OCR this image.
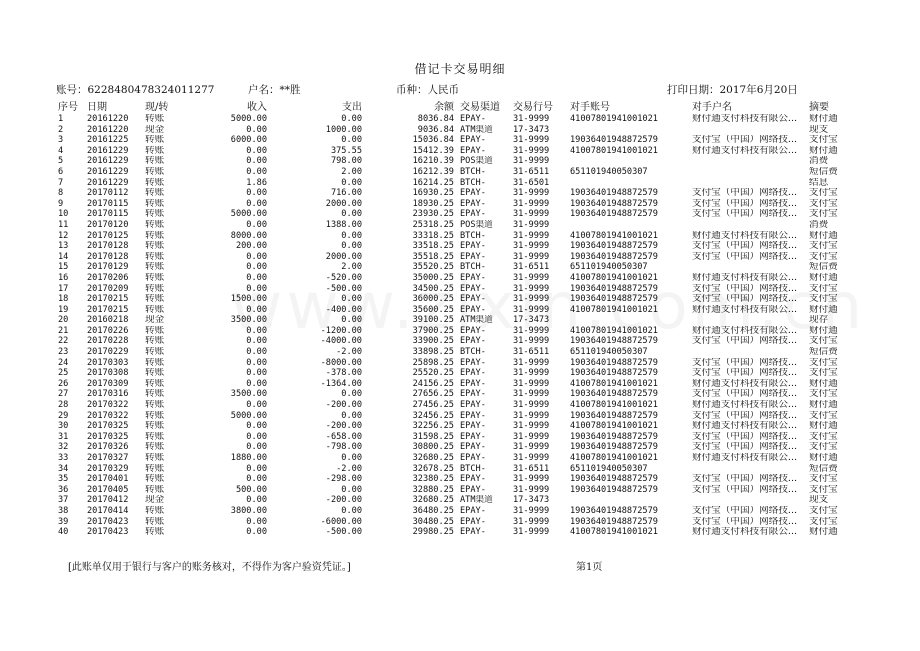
借记卡交易明细
账号：6228480478324011277	户名：**胜	币种：人民币	打印日期：2017年6月20日
序号	日期	现/转	收入	支出	余额	交易渠道	交易行号	对手账号	对手户名	摘要
1	20161220	转账	5000.00	0.00	8036.84	EPAY-	31-9999	41007801941001021	财付通支付科技有限公...	财付通
2	20161220	现金	0.00	1000.00	9036.84	ATM渠道	17-3473			现支
3	20161225	转账	6000.00	0.00	15036.84	EPAY-	31-9999	19036401948872579	支付宝（中国）网络技...	支付宝
4	20161229	转账	0.00	375.55	15412.39	EPAY-	31-9999	41007801941001021	财付通支付科技有限公...	财付通
5	20161229	转账	0.00	798.00	16210.39	POS渠道	31-9999			消费
6	20161229	转账	0.00	2.00	16212.39	BTCH-	31-6511	651101940050307		短信费
7	20161229	转账	1.86	0.00	16214.25	BTCH-	31-6501			结息
8	20170112	转账	0.00	716.00	16930.25	EPAY-	31-9999	19036401948872579	支付宝（中国）网络技...	支付宝
9	20170115	转账	0.00	2000.00	18930.25	EPAY-	31-9999	19036401948872579	支付宝（中国）网络技...	支付宝
10	20170115	转账	5000.00	0.00	23930.25	EPAY-	31-9999	19036401948872579	支付宝（中国）网络技...	支付宝
11	20170120	转账	0.00	1388.00	25318.25	POS渠道	31-9999			消费
12	20170125	转账	8000.00	0.00	33318.25	BTCH-	31-9999	41007801941001021	财付通支付科技有限公...	财付通
13	20170128	转账	200.00	0.00	33518.25	EPAY-	31-9999	19036401948872579	支付宝（中国）网络技...	支付宝
14	20170128	转账	0.00	2000.00	35518.25	EPAY-	31-9999	19036401948872579	支付宝（中国）网络技...	支付宝
15	20170129	转账	0.00	2.00	35520.25	BTCH-	31-6511	651101940050307		短信费
16	20170206	转账	0.00	-520.00	35000.25	EPAY-	31-9999	41007801941001021	财付通支付科技有限公...	财付通
17	20170209	转账	0.00	-500.00	34500.25	EPAY-	31-9999	19036401948872579	支付宝（中国）网络技...	支付宝
18	20170215	转账	1500.00	0.00	36000.25	EPAY-	31-9999	19036401948872579	支付宝（中国）网络技...	支付宝
19	20170215	转账	0.00	-400.00	35600.25	EPAY-	31-9999	41007801941001021	财付通支付科技有限公...	财付通
20	20160218	现金	3500.00	0.00	39100.25	ATM渠道	17-3473			现存
21	20170226	转账	0.00	-1200.00	37900.25	EPAY-	31-9999	41007801941001021	财付通支付科技有限公...	财付通
22	20170228	转账	0.00	-4000.00	33900.25	EPAY-	31-9999	19036401948872579	支付宝（中国）网络技...	支付宝
23	20170229	转账	0.00	-2.00	33898.25	BTCH-	31-6511	651101940050307		短信费
24	20170303	转账	0.00	-8000.00	25898.25	EPAY-	31-9999	19036401948872579	支付宝（中国）网络技...	支付宝
25	20170308	转账	0.00	-378.00	25520.25	EPAY-	31-9999	19036401948872579	支付宝（中国）网络技...	支付宝
26	20170309	转账	0.00	-1364.00	24156.25	EPAY-	31-9999	41007801941001021	财付通支付科技有限公...	财付通
27	20170316	转账	3500.00	0.00	27656.25	EPAY-	31-9999	19036401948872579	支付宝（中国）网络技...	支付宝
28	20170322	转账	0.00	-200.00	27456.25	EPAY-	31-9999	41007801941001021	财付通支付科技有限公...	财付通
29	20170322	转账	5000.00	0.00	32456.25	EPAY-	31-9999	19036401948872579	支付宝（中国）网络技...	支付宝
30	20170325	转账	0.00	-200.00	32256.25	EPAY-	31-9999	41007801941001021	财付通支付科技有限公...	财付通
31	20170325	转账	0.00	-658.00	31598.25	EPAY-	31-9999	19036401948872579	支付宝（中国）网络技...	支付宝
32	20170326	转账	0.00	-798.00	30800.25	EPAY-	31-9999	19036401948872579	支付宝（中国）网络技...	支付宝
33	20170327	转账	1880.00	0.00	32680.25	EPAY-	31-9999	41007801941001021	财付通支付科技有限公...	财付通
34	20170329	转账	0.00	-2.00	32678.25	BTCH-	31-6511	651101940050307		短信费
35	20170401	转账	0.00	-298.00	32380.25	EPAY-	31-9999	19036401948872579	支付宝（中国）网络技...	支付宝
36	20170405	转账	500.00	0.00	32880.25	EPAY-	31-9999	19036401948872579	支付宝（中国）网络技...	支付宝
37	20170412	现金	0.00	-200.00	32680.25	ATM渠道	17-3473			现支
38	20170414	转账	3800.00	0.00	36480.25	EPAY-	31-9999	19036401948872579	支付宝（中国）网络技...	支付宝
39	20170423	转账	0.00	-6000.00	30480.25	EPAY-	31-9999	19036401948872579	支付宝（中国）网络技...	支付宝
40	20170423	转账	0.00	-500.00	29980.25	EPAY-	31-9999	41007801941001021	财付通支付科技有限公...	财付通
[此账单仅用于银行与客户的账务核对，不得作为客户验资凭证。]	第1页
